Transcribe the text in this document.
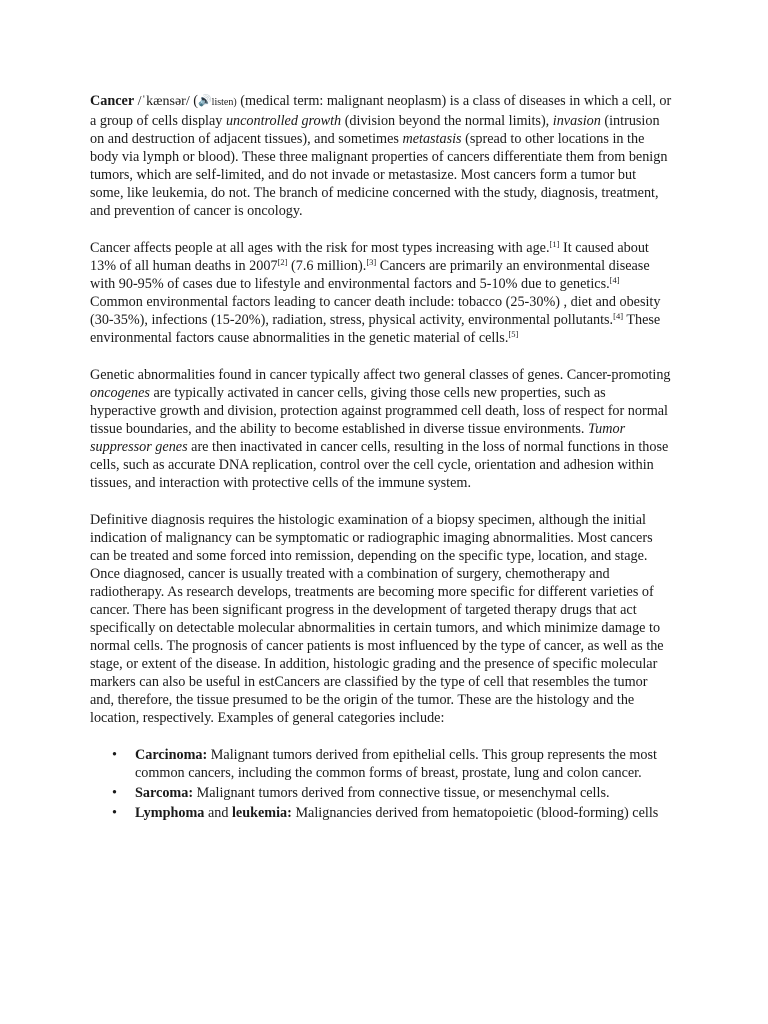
Cancer /ˈkænsər/ (🔊listen) (medical term: malignant neoplasm) is a class of diseases in which a cell, or a group of cells display uncontrolled growth (division beyond the normal limits), invasion (intrusion on and destruction of adjacent tissues), and sometimes metastasis (spread to other locations in the body via lymph or blood). These three malignant properties of cancers differentiate them from benign tumors, which are self-limited, and do not invade or metastasize. Most cancers form a tumor but some, like leukemia, do not. The branch of medicine concerned with the study, diagnosis, treatment, and prevention of cancer is oncology.

Cancer affects people at all ages with the risk for most types increasing with age.[1] It caused about 13% of all human deaths in 2007[2] (7.6 million).[3] Cancers are primarily an environmental disease with 90-95% of cases due to lifestyle and environmental factors and 5-10% due to genetics.[4] Common environmental factors leading to cancer death include: tobacco (25-30%) , diet and obesity (30-35%), infections (15-20%), radiation, stress, physical activity, environmental pollutants.[4] These environmental factors cause abnormalities in the genetic material of cells.[5]

Genetic abnormalities found in cancer typically affect two general classes of genes. Cancer-promoting oncogenes are typically activated in cancer cells, giving those cells new properties, such as hyperactive growth and division, protection against programmed cell death, loss of respect for normal tissue boundaries, and the ability to become established in diverse tissue environments. Tumor suppressor genes are then inactivated in cancer cells, resulting in the loss of normal functions in those cells, such as accurate DNA replication, control over the cell cycle, orientation and adhesion within tissues, and interaction with protective cells of the immune system.

Definitive diagnosis requires the histologic examination of a biopsy specimen, although the initial indication of malignancy can be symptomatic or radiographic imaging abnormalities. Most cancers can be treated and some forced into remission, depending on the specific type, location, and stage. Once diagnosed, cancer is usually treated with a combination of surgery, chemotherapy and radiotherapy. As research develops, treatments are becoming more specific for different varieties of cancer. There has been significant progress in the development of targeted therapy drugs that act specifically on detectable molecular abnormalities in certain tumors, and which minimize damage to normal cells. The prognosis of cancer patients is most influenced by the type of cancer, as well as the stage, or extent of the disease. In addition, histologic grading and the presence of specific molecular markers can also be useful in estCancers are classified by the type of cell that resembles the tumor and, therefore, the tissue presumed to be the origin of the tumor. These are the histology and the location, respectively. Examples of general categories include:

• Carcinoma: Malignant tumors derived from epithelial cells. This group represents the most common cancers, including the common forms of breast, prostate, lung and colon cancer.
• Sarcoma: Malignant tumors derived from connective tissue, or mesenchymal cells.
• Lymphoma and leukemia: Malignancies derived from hematopoietic (blood-forming) cells
